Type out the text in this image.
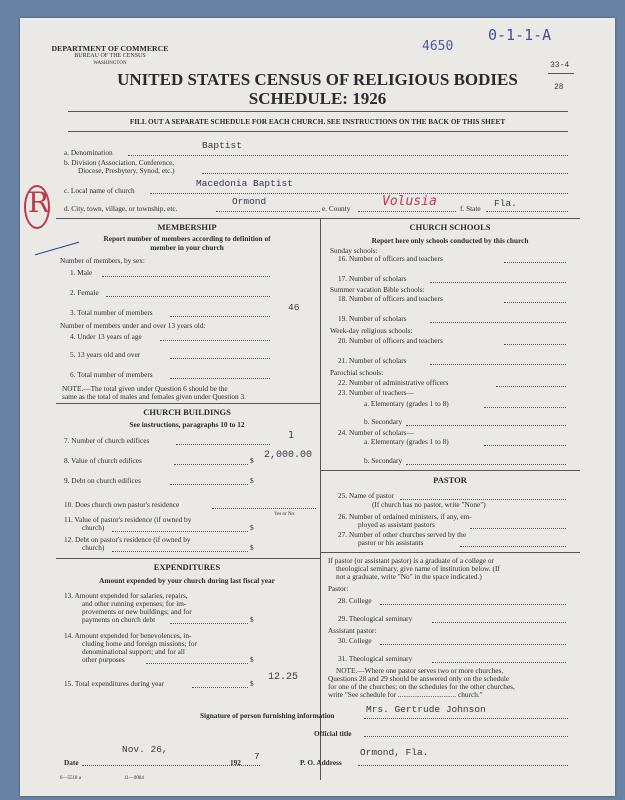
DEPARTMENT OF COMMERCE
BUREAU OF THE CENSUS
WASHINGTON
4650
0-1-1-A
33-4
28
UNITED STATES CENSUS OF RELIGIOUS BODIES
SCHEDULE: 1926
FILL OUT A SEPARATE SCHEDULE FOR EACH CHURCH. SEE INSTRUCTIONS ON THE BACK OF THIS SHEET
a. Denomination
Baptist
b. Division (Association, Conference,
Diocese, Presbytery, Synod, etc.)
c. Local name of church
Macedonia Baptist
d. City, town, village, or township, etc.
Ormond
e. County Volusia	f. State Fla.
R
MEMBERSHIP
Report number of members according to definition of
member in your church
Number of members, by sex:
1. Male
2. Female
3. Total number of members	46
Number of members under and over 13 years old:
4. Under 13 years of age
5. 13 years old and over
6. Total number of members
NOTE.—The total given under Question 6 should be the
same as the total of males and females given under Question 3.
CHURCH BUILDINGS
See instructions, paragraphs 10 to 12
7. Number of church edifices	1
8. Value of church edifices	$ 2,000.00
9. Debt on church edifices	$
10. Does church own pastor's residence
Yes or No
11. Value of pastor's residence (if owned by
church)	$
12. Debt on pastor's residence (if owned by
church)	$
EXPENDITURES
Amount expended by your church during last fiscal year
13. Amount expended for salaries, repairs,
and other running expenses; for im-
provements or new buildings; and for
payments on church debt	$
14. Amount expended for benevolences, in-
cluding home and foreign missions; for
denominational support; and for all
other purposes	$
15. Total expenditures during year	$
12.25
CHURCH SCHOOLS
Report here only schools conducted by this church
Sunday schools:
16. Number of officers and teachers
17. Number of scholars
Summer vacation Bible schools:
18. Number of officers and teachers
19. Number of scholars
Week-day religious schools:
20. Number of officers and teachers
21. Number of scholars
Parochial schools:
22. Number of administrative officers
23. Number of teachers—
a. Elementary (grades 1 to 8)
b. Secondary
24. Number of scholars—
a. Elementary (grades 1 to 8)
b. Secondary
PASTOR
25. Name of pastor
(If church has no pastor, write "None")
26. Number of ordained ministers, if any, em-
ployed as assistant pastors
27. Number of other churches served by the
pastor or his assistants
If pastor (or assistant pastor) is a graduate of a college or
theological seminary, give name of institution below. (If
not a graduate, write "No" in the space indicated.)
Pastor:
28. College
29. Theological seminary
Assistant pastor:
30. College
31. Theological seminary
NOTE.—Where one pastor serves two or more churches,
Questions 28 and 29 should be answered only on the schedule
for one of the churches; on the schedules for the other churches,
write "See schedule for ................................ church."
Signature of person furnishing information
Mrs. Gertrude Johnson
Official title
Date
Nov. 26,
192
7
P. O. Address
Ormond, Fla.
6—5518 a	11—9084
